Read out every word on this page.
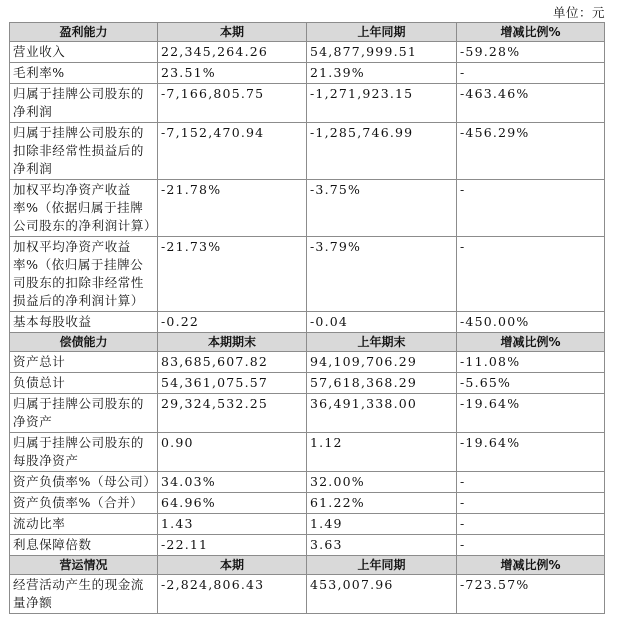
单位：元
盈利能力	本期	上年同期	增减比例%
营业收入	22,345,264.26	54,877,999.51	-59.28%
毛利率%	23.51%	21.39%	-
归属于挂牌公司股东的净利润	-7,166,805.75	-1,271,923.15	-463.46%
归属于挂牌公司股东的扣除非经常性损益后的净利润	-7,152,470.94	-1,285,746.99	-456.29%
加权平均净资产收益率%（依据归属于挂牌公司股东的净利润计算）	-21.78%	-3.75%	-
加权平均净资产收益率%（依归属于挂牌公司股东的扣除非经常性损益后的净利润计算）	-21.73%	-3.79%	-
基本每股收益	-0.22	-0.04	-450.00%
偿债能力	本期期末	上年期末	增减比例%
资产总计	83,685,607.82	94,109,706.29	-11.08%
负债总计	54,361,075.57	57,618,368.29	-5.65%
归属于挂牌公司股东的净资产	29,324,532.25	36,491,338.00	-19.64%
归属于挂牌公司股东的每股净资产	0.90	1.12	-19.64%
资产负债率%（母公司）	34.03%	32.00%	-
资产负债率%（合并）	64.96%	61.22%	-
流动比率	1.43	1.49	-
利息保障倍数	-22.11	3.63	-
营运情况	本期	上年同期	增减比例%
经营活动产生的现金流量净额	-2,824,806.43	453,007.96	-723.57%
